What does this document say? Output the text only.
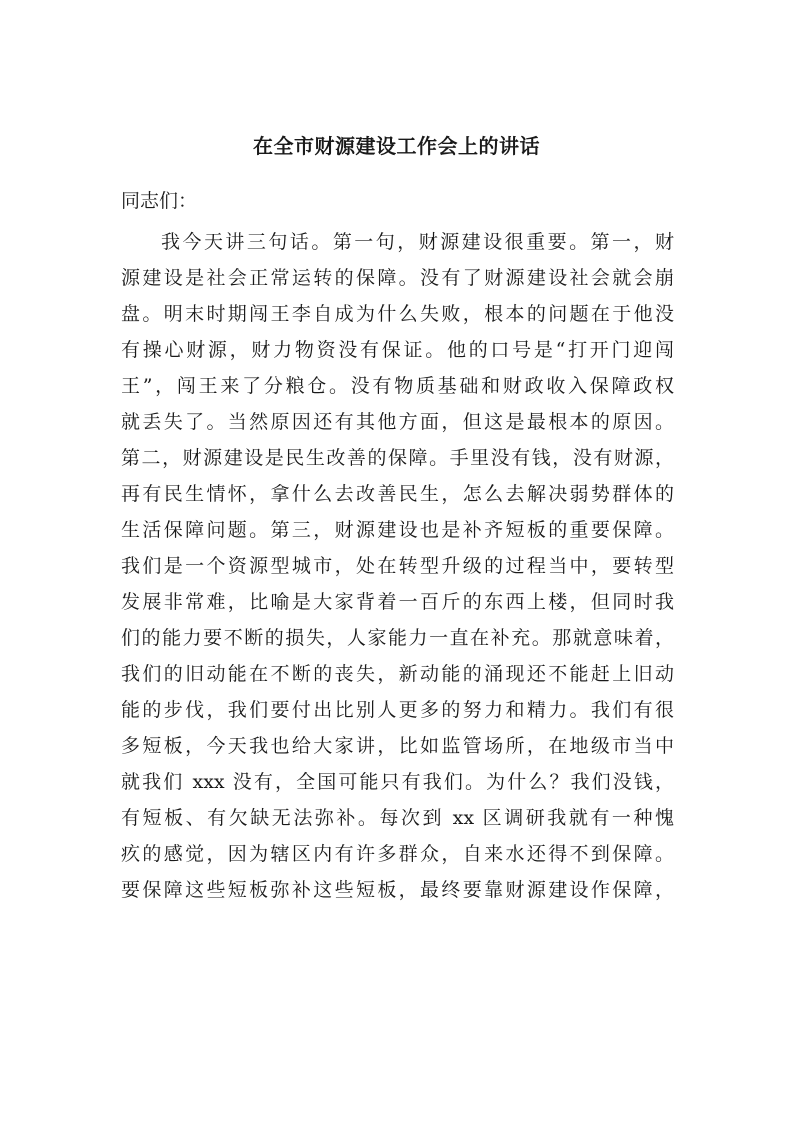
在全市财源建设工作会上的讲话

同志们：

我今天讲三句话。第一句，财源建设很重要。第一，财
源建设是社会正常运转的保障。没有了财源建设社会就会崩
盘。明末时期闯王李自成为什么失败，根本的问题在于他没
有操心财源，财力物资没有保证。他的口号是“打开门迎闯
王”，闯王来了分粮仓。没有物质基础和财政收入保障政权
就丢失了。当然原因还有其他方面，但这是最根本的原因。
第二，财源建设是民生改善的保障。手里没有钱，没有财源，
再有民生情怀，拿什么去改善民生，怎么去解决弱势群体的
生活保障问题。第三，财源建设也是补齐短板的重要保障。
我们是一个资源型城市，处在转型升级的过程当中，要转型
发展非常难，比喻是大家背着一百斤的东西上楼，但同时我
们的能力要不断的损失，人家能力一直在补充。那就意味着，
我们的旧动能在不断的丧失，新动能的涌现还不能赶上旧动
能的步伐，我们要付出比别人更多的努力和精力。我们有很
多短板，今天我也给大家讲，比如监管场所，在地级市当中
就我们 xxx 没有，全国可能只有我们。为什么？我们没钱，
有短板、有欠缺无法弥补。每次到 xx 区调研我就有一种愧
疚的感觉，因为辖区内有许多群众，自来水还得不到保障。
要保障这些短板弥补这些短板，最终要靠财源建设作保障，
